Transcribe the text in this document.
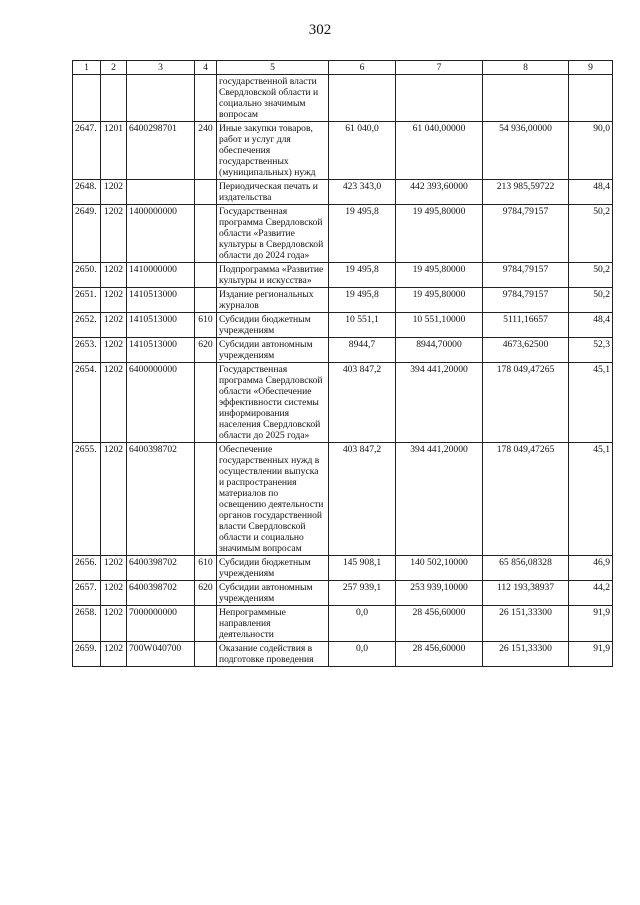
302
1	2	3	4	5	6	7	8	9
				государственной власти Свердловской области и социально значимым вопросам				
2647.	1201	6400298701	240	Иные закупки товаров, работ и услуг для обеспечения государственных (муниципальных) нужд	61 040,0	61 040,00000	54 936,00000	90,0
2648.	1202			Периодическая печать и издательства	423 343,0	442 393,60000	213 985,59722	48,4
2649.	1202	1400000000		Государственная программа Свердловской области «Развитие культуры в Свердловской области до 2024 года»	19 495,8	19 495,80000	9784,79157	50,2
2650.	1202	1410000000		Подпрограмма «Развитие культуры и искусства»	19 495,8	19 495,80000	9784,79157	50,2
2651.	1202	1410513000		Издание региональных журналов	19 495,8	19 495,80000	9784,79157	50,2
2652.	1202	1410513000	610	Субсидии бюджетным учреждениям	10 551,1	10 551,10000	5111,16657	48,4
2653.	1202	1410513000	620	Субсидии автономным учреждениям	8944,7	8944,70000	4673,62500	52,3
2654.	1202	6400000000		Государственная программа Свердловской области «Обеспечение эффективности системы информирования населения Свердловской области до 2025 года»	403 847,2	394 441,20000	178 049,47265	45,1
2655.	1202	6400398702		Обеспечение государственных нужд в осуществлении выпуска и распространения материалов по освещению деятельности органов государственной власти Свердловской области и социально значимым вопросам	403 847,2	394 441,20000	178 049,47265	45,1
2656.	1202	6400398702	610	Субсидии бюджетным учреждениям	145 908,1	140 502,10000	65 856,08328	46,9
2657.	1202	6400398702	620	Субсидии автономным учреждениям	257 939,1	253 939,10000	112 193,38937	44,2
2658.	1202	7000000000		Непрограммные направления деятельности	0,0	28 456,60000	26 151,33300	91,9
2659.	1202	700W040700		Оказание содействия в подготовке проведения	0,0	28 456,60000	26 151,33300	91,9
